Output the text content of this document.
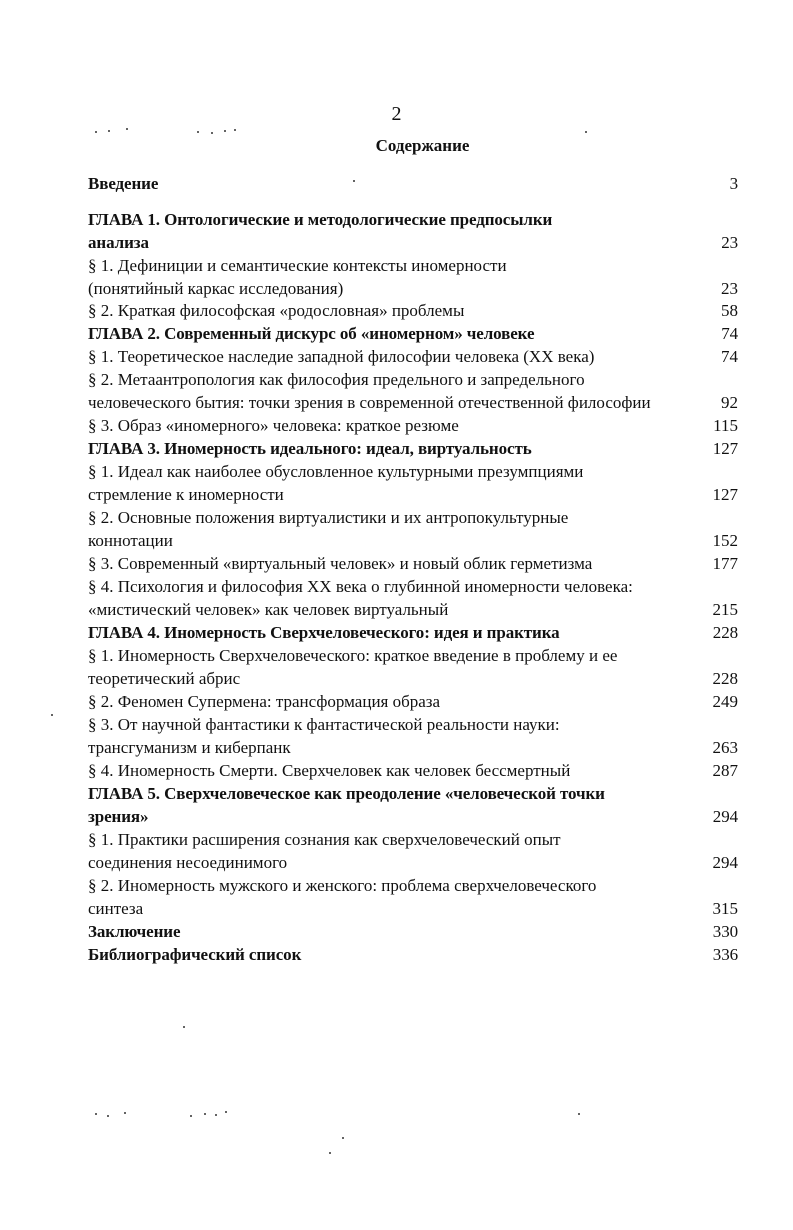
2
Содержание
Введение	3
ГЛАВА 1. Онтологические и методологические предпосылки
анализа	23
§ 1. Дефиниции и семантические контексты иномерности
(понятийный каркас исследования)	23
§ 2. Краткая философская «родословная» проблемы	58
ГЛАВА 2. Современный дискурс об «иномерном» человеке	74
§ 1. Теоретическое наследие западной философии человека (XX века)	74
§ 2. Метаантропология как философия предельного и запредельного
человеческого бытия: точки зрения в современной отечественной философии	92
§ 3. Образ «иномерного» человека: краткое резюме	115
ГЛАВА 3. Иномерность идеального: идеал, виртуальность	127
§ 1. Идеал как наиболее обусловленное культурными презумпциями
стремление к иномерности	127
§ 2. Основные положения виртуалистики и их антропокультурные
коннотации	152
§ 3. Современный «виртуальный человек» и новый облик герметизма	177
§ 4. Психология и философия XX века о глубинной иномерности человека:
«мистический человек» как человек виртуальный	215
ГЛАВА 4. Иномерность Сверхчеловеческого: идея и практика	228
§ 1. Иномерность Сверхчеловеческого: краткое введение в проблему и ее
теоретический абрис	228
§ 2. Феномен Супермена: трансформация образа	249
§ 3. От научной фантастики к фантастической реальности науки:
трансгуманизм и киберпанк	263
§ 4. Иномерность Смерти. Сверхчеловек как человек бессмертный	287
ГЛАВА 5. Сверхчеловеческое как преодоление «человеческой точки
зрения»	294
§ 1. Практики расширения сознания как сверхчеловеческий опыт
соединения несоединимого	294
§ 2. Иномерность мужского и женского: проблема сверхчеловеческого
синтеза	315
Заключение	330
Библиографический список	336
